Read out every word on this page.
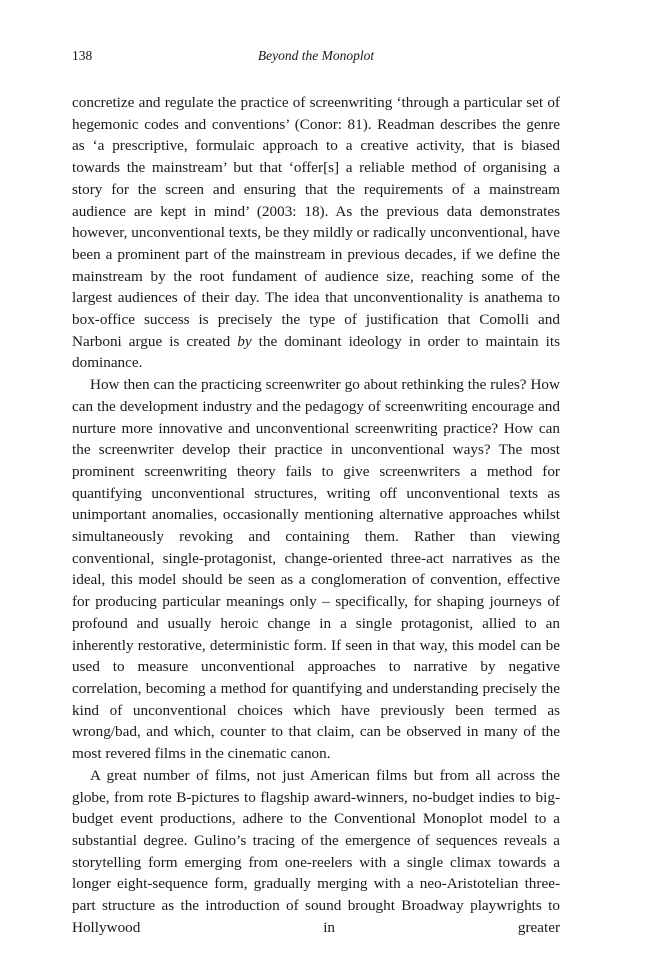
138	Beyond the Monoplot

concretize and regulate the practice of screenwriting ‘through a particular set of hegemonic codes and conventions’ (Conor: 81). Readman describes the genre as ‘a prescriptive, formulaic approach to a creative activity, that is biased towards the mainstream’ but that ‘offer[s] a reliable method of organising a story for the screen and ensuring that the requirements of a mainstream audience are kept in mind’ (2003: 18). As the previous data demonstrates however, unconventional texts, be they mildly or radically unconventional, have been a prominent part of the mainstream in previous decades, if we define the mainstream by the root fundament of audience size, reaching some of the largest audiences of their day. The idea that unconventionality is anathema to box-office success is precisely the type of justification that Comolli and Narboni argue is created by the dominant ideology in order to maintain its dominance.

How then can the practicing screenwriter go about rethinking the rules? How can the development industry and the pedagogy of screenwriting encourage and nurture more innovative and unconventional screenwriting practice? How can the screenwriter develop their practice in unconventional ways? The most prominent screenwriting theory fails to give screenwriters a method for quantifying unconventional structures, writing off unconventional texts as unimportant anomalies, occasionally mentioning alternative approaches whilst simultaneously revoking and containing them. Rather than viewing conventional, single-protagonist, change-oriented three-act narratives as the ideal, this model should be seen as a conglomeration of convention, effective for producing particular meanings only – specifically, for shaping journeys of profound and usually heroic change in a single protagonist, allied to an inherently restorative, deterministic form. If seen in that way, this model can be used to measure unconventional approaches to narrative by negative correlation, becoming a method for quantifying and understanding precisely the kind of unconventional choices which have previously been termed as wrong/bad, and which, counter to that claim, can be observed in many of the most revered films in the cinematic canon.

A great number of films, not just American films but from all across the globe, from rote B-pictures to flagship award-winners, no-budget indies to big-budget event productions, adhere to the Conventional Monoplot model to a substantial degree. Gulino’s tracing of the emergence of sequences reveals a storytelling form emerging from one-reelers with a single climax towards a longer eight-sequence form, gradually merging with a neo-Aristotelian three-part structure as the introduction of sound brought Broadway playwrights to Hollywood in greater
